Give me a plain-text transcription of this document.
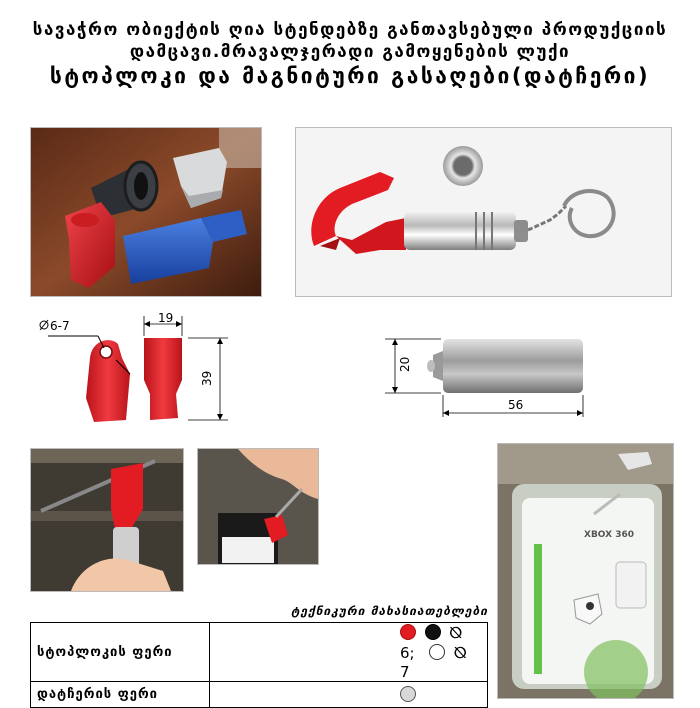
სავაჭრო ობიექტის ღია სტენდებზე განთავსებული პროდუქციის
დამცავი.მრავალჯერადი გამოყენების ლუქი
სტოპლოკი და მაგნიტური გასაღები(დატჩერი)
6-7
19
39
20
56
XBOX 360
ტექნიკური მახასიათებლები
სტოპლოკის ფერი	⦰6; ⦰7
დატჩერის ფერი	
